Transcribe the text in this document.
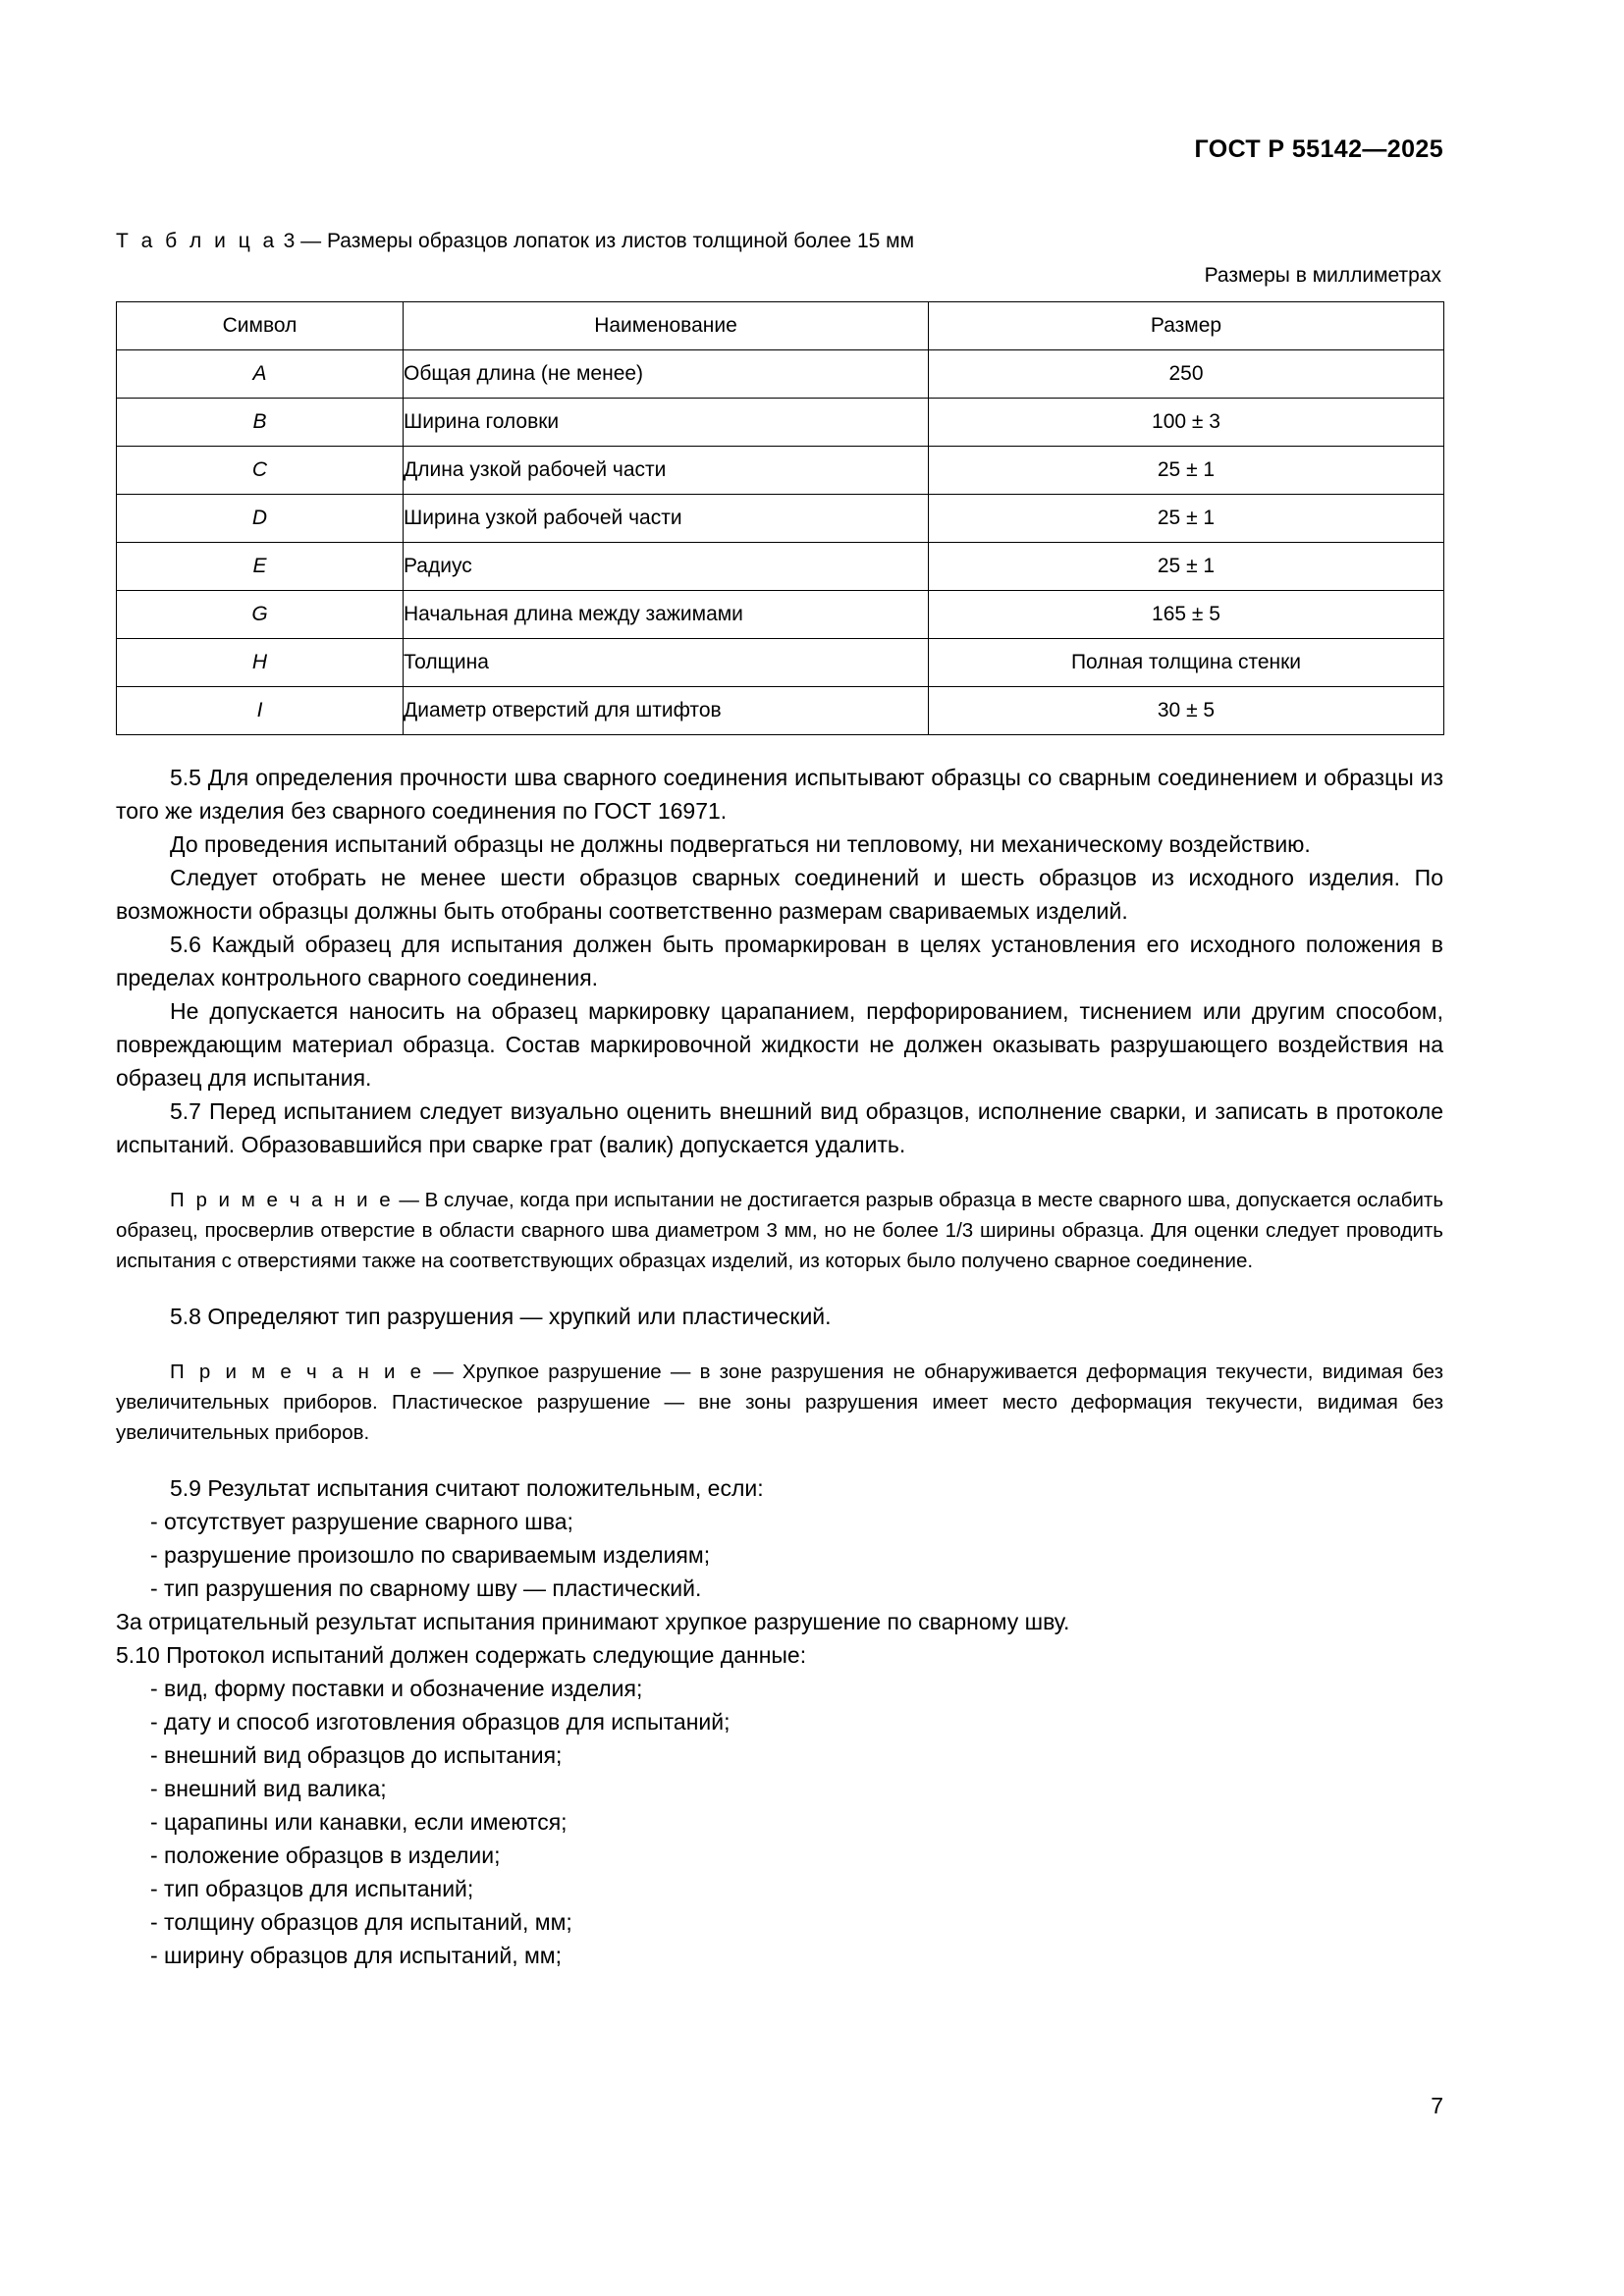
ГОСТ Р 55142—2025

Т а б л и ц а 3 — Размеры образцов лопаток из листов толщиной более 15 мм

Размеры в миллиметрах

Символ	Наименование	Размер
A	Общая длина (не менее)	250
B	Ширина головки	100 ± 3
C	Длина узкой рабочей части	25 ± 1
D	Ширина узкой рабочей части	25 ± 1
E	Радиус	25 ± 1
G	Начальная длина между зажимами	165 ± 5
H	Толщина	Полная толщина стенки
I	Диаметр отверстий для штифтов	30 ± 5

5.5 Для определения прочности шва сварного соединения испытывают образцы со сварным соединением и образцы из того же изделия без сварного соединения по ГОСТ 16971.

До проведения испытаний образцы не должны подвергаться ни тепловому, ни механическому воздействию.

Следует отобрать не менее шести образцов сварных соединений и шесть образцов из исходного изделия. По возможности образцы должны быть отобраны соответственно размерам свариваемых изделий.

5.6 Каждый образец для испытания должен быть промаркирован в целях установления его исходного положения в пределах контрольного сварного соединения.

Не допускается наносить на образец маркировку царапанием, перфорированием, тиснением или другим способом, повреждающим материал образца. Состав маркировочной жидкости не должен оказывать разрушающего воздействия на образец для испытания.

5.7 Перед испытанием следует визуально оценить внешний вид образцов, исполнение сварки, и записать в протоколе испытаний. Образовавшийся при сварке грат (валик) допускается удалить.

П р и м е ч а н и е — В случае, когда при испытании не достигается разрыв образца в месте сварного шва, допускается ослабить образец, просверлив отверстие в области сварного шва диаметром 3 мм, но не более 1/3 ширины образца. Для оценки следует проводить испытания с отверстиями также на соответствующих образцах изделий, из которых было получено сварное соединение.

5.8 Определяют тип разрушения — хрупкий или пластический.

П р и м е ч а н и е — Хрупкое разрушение — в зоне разрушения не обнаруживается деформация текучести, видимая без увеличительных приборов. Пластическое разрушение — вне зоны разрушения имеет место деформация текучести, видимая без увеличительных приборов.

5.9 Результат испытания считают положительным, если:

- отсутствует разрушение сварного шва;

- разрушение произошло по свариваемым изделиям;

- тип разрушения по сварному шву — пластический.

За отрицательный результат испытания принимают хрупкое разрушение по сварному шву.

5.10 Протокол испытаний должен содержать следующие данные:

- вид, форму поставки и обозначение изделия;

- дату и способ изготовления образцов для испытаний;

- внешний вид образцов до испытания;

- внешний вид валика;

- царапины или канавки, если имеются;

- положение образцов в изделии;

- тип образцов для испытаний;

- толщину образцов для испытаний, мм;

- ширину образцов для испытаний, мм;

7
